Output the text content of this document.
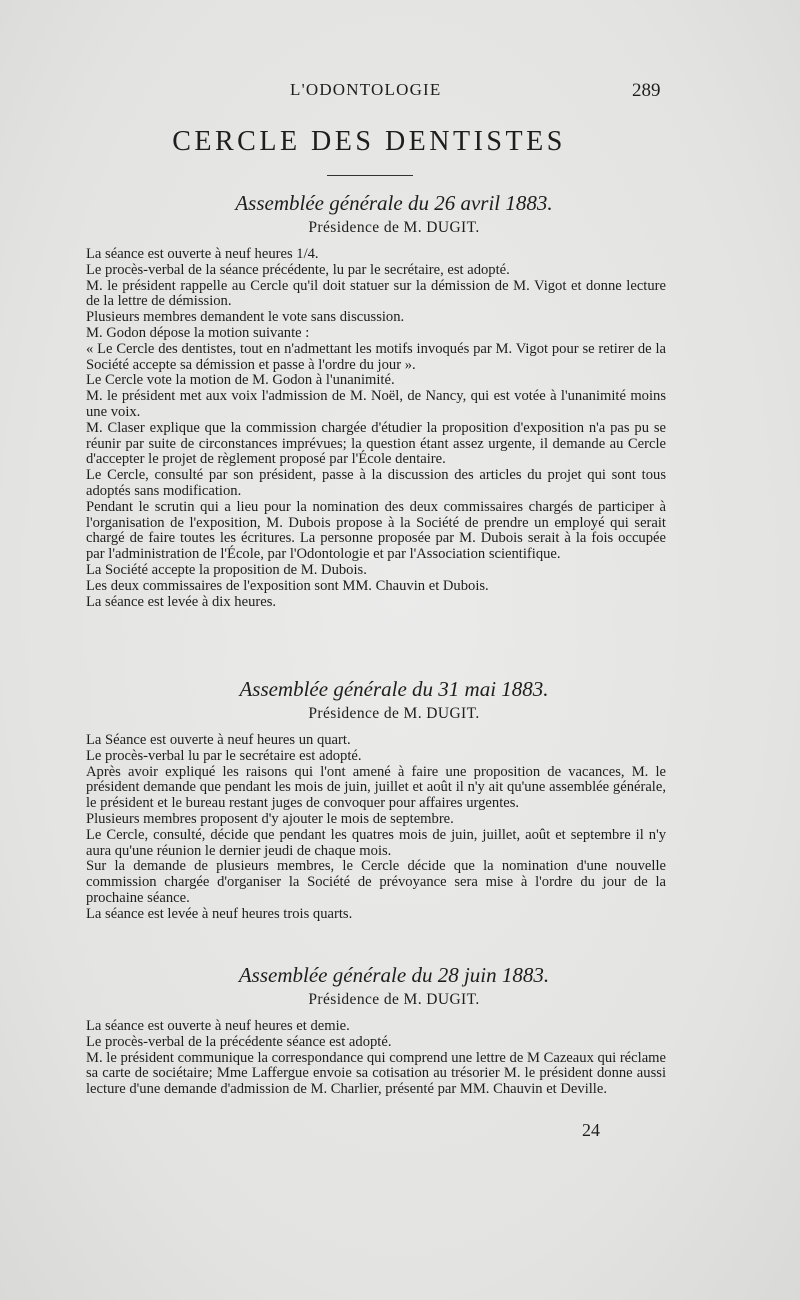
L'ODONTOLOGIE	289
CERCLE DES DENTISTES

Assemblée générale du 26 avril 1883.

Présidence de M. DUGIT.

La séance est ouverte à neuf heures 1/4.

Le procès-verbal de la séance précédente, lu par le secrétaire, est adopté.

M. le président rappelle au Cercle qu'il doit statuer sur la démission de M. Vigot et donne lecture de la lettre de démission.

Plusieurs membres demandent le vote sans discussion.

M. Godon dépose la motion suivante :

« Le Cercle des dentistes, tout en n'admettant les motifs invoqués par M. Vigot pour se retirer de la Société accepte sa démission et passe à l'ordre du jour ».

Le Cercle vote la motion de M. Godon à l'unanimité.

M. le président met aux voix l'admission de M. Noël, de Nancy, qui est votée à l'unanimité moins une voix.

M. Claser explique que la commission chargée d'étudier la proposition d'exposition n'a pas pu se réunir par suite de circonstances imprévues; la question étant assez urgente, il demande au Cercle d'accepter le projet de règlement proposé par l'École dentaire.

Le Cercle, consulté par son président, passe à la discussion des articles du projet qui sont tous adoptés sans modification.

Pendant le scrutin qui a lieu pour la nomination des deux commissaires chargés de participer à l'organisation de l'exposition, M. Dubois propose à la Société de prendre un employé qui serait chargé de faire toutes les écritures. La personne proposée par M. Dubois serait à la fois occupée par l'administration de l'École, par l'Odontologie et par l'Association scientifique.

La Société accepte la proposition de M. Dubois.

Les deux commissaires de l'exposition sont MM. Chauvin et Dubois.

La séance est levée à dix heures.

Assemblée générale du 31 mai 1883.

Présidence de M. DUGIT.

La Séance est ouverte à neuf heures un quart.

Le procès-verbal lu par le secrétaire est adopté.

Après avoir expliqué les raisons qui l'ont amené à faire une proposition de vacances, M. le président demande que pendant les mois de juin, juillet et août il n'y ait qu'une assemblée générale, le président et le bureau restant juges de convoquer pour affaires urgentes.

Plusieurs membres proposent d'y ajouter le mois de septembre.

Le Cercle, consulté, décide que pendant les quatres mois de juin, juillet, août et septembre il n'y aura qu'une réunion le dernier jeudi de chaque mois.

Sur la demande de plusieurs membres, le Cercle décide que la nomination d'une nouvelle commission chargée d'organiser la Société de prévoyance sera mise à l'ordre du jour de la prochaine séance.

La séance est levée à neuf heures trois quarts.

Assemblée générale du 28 juin 1883.

Présidence de M. DUGIT.

La séance est ouverte à neuf heures et demie.

Le procès-verbal de la précédente séance est adopté.

M. le président communique la correspondance qui comprend une lettre de M Cazeaux qui réclame sa carte de sociétaire; Mme Laffergue envoie sa cotisation au trésorier M. le président donne aussi lecture d'une demande d'admission de M. Charlier, présenté par MM. Chauvin et Deville.

24
